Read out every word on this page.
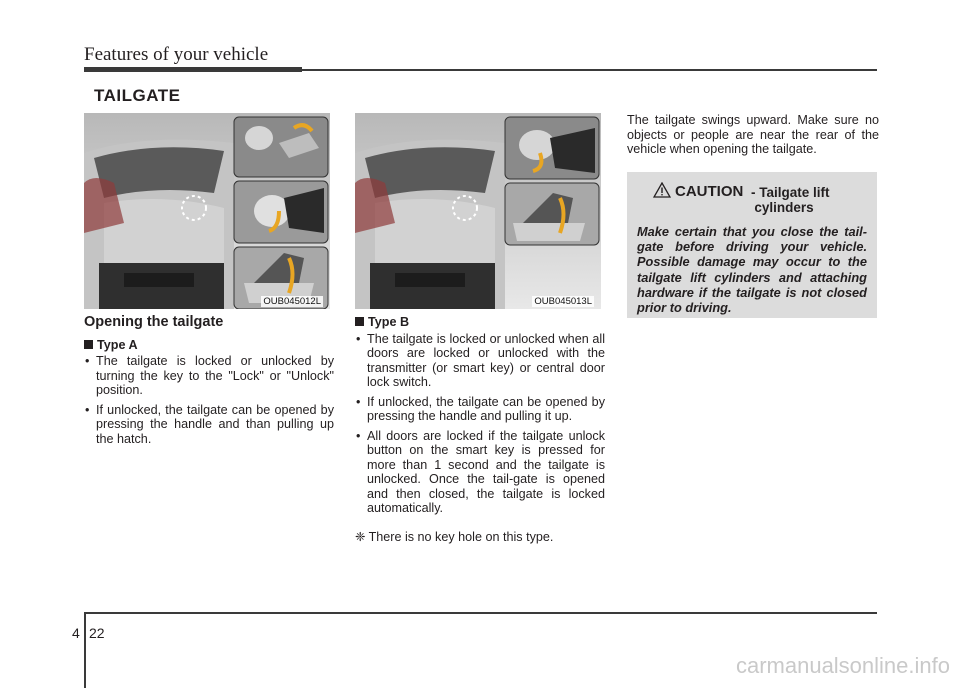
Features of your vehicle
TAILGATE
OUB045012L	OUB045013L
Opening the tailgate
Type A
• The tailgate is locked or unlocked by turning the key to the "Lock" or "Unlock" position.
• If unlocked, the tailgate can be opened by pressing the handle and than pulling up the hatch.
Type B
• The tailgate is locked or unlocked when all doors are locked or unlocked with the transmitter (or smart key) or central door lock switch.
• If unlocked, the tailgate can be opened by pressing the handle and pulling it up.
• All doors are locked if the tailgate unlock button on the smart key is pressed for more than 1 second and the tailgate is unlocked. Once the tail-gate is opened and then closed, the tailgate is locked automatically.
❈ There is no key hole on this type.
The tailgate swings upward. Make sure no objects or people are near the rear of the vehicle when opening the tailgate.
CAUTION - Tailgate lift
cylinders
Make certain that you close the tail-gate before driving your vehicle. Possible damage may occur to the tailgate lift cylinders and attaching hardware if the tailgate is not closed prior to driving.
4 22
carmanualsonline.info
